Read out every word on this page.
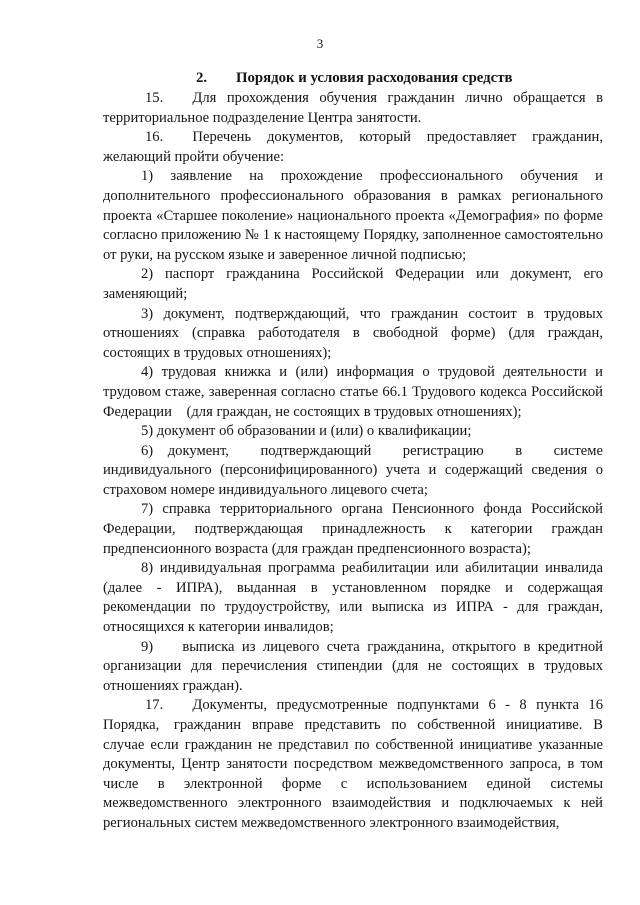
3
2. Порядок и условия расходования средств

15.  Для прохождения обучения гражданин лично обращается в территориальное подразделение Центра занятости.

16.  Перечень документов, который предоставляет гражданин, желающий пройти обучение:

1) заявление на прохождение профессионального обучения и дополнительного профессионального образования в рамках регионального проекта «Старшее поколение» национального проекта «Демография» по форме согласно приложению № 1 к настоящему Порядку, заполненное самостоятельно от руки, на русском языке и заверенное личной подписью;

2) паспорт гражданина Российской Федерации или документ, его заменяющий;

3) документ, подтверждающий, что гражданин состоит в трудовых отношениях (справка работодателя в свободной форме) (для граждан, состоящих в трудовых отношениях);

4) трудовая книжка и (или) информация о трудовой деятельности и трудовом стаже, заверенная согласно статье 66.1 Трудового кодекса Российской Федерации (для граждан, не состоящих в трудовых отношениях);

5) документ об образовании и (или) о квалификации;

6) документ, подтверждающий регистрацию в системе индивидуального (персонифицированного) учета и содержащий сведения о страховом номере индивидуального лицевого счета;

7) справка территориального органа Пенсионного фонда Российской Федерации, подтверждающая принадлежность к категории граждан предпенсионного возраста (для граждан предпенсионного возраста);

8) индивидуальная программа реабилитации или абилитации инвалида (далее - ИПРА), выданная в установленном порядке и содержащая рекомендации по трудоустройству, или выписка из ИПРА - для граждан, относящихся к категории инвалидов;

9)  выписка из лицевого счета гражданина, открытого в кредитной организации для перечисления стипендии (для не состоящих в трудовых отношениях граждан).

17.  Документы, предусмотренные подпунктами 6 - 8 пункта 16 Порядка, гражданин вправе представить по собственной инициативе. В случае если гражданин не представил по собственной инициативе указанные документы, Центр занятости посредством межведомственного запроса, в том числе в электронной форме с использованием единой системы межведомственного электронного взаимодействия и подключаемых к ней региональных систем межведомственного электронного взаимодействия,
